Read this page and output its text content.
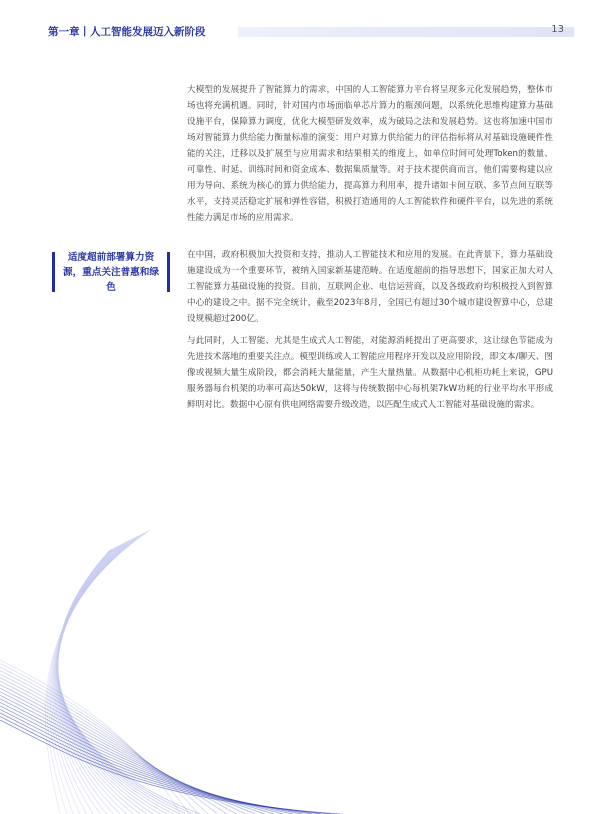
第一章丨人工智能发展迈入新阶段	13

大模型的发展提升了智能算力的需求，中国的人工智能算力平台将呈现多元化发展趋势，整体市场也将充满机遇。同时，针对国内市场面临单芯片算力的瓶颈问题，以系统化思维构建算力基础设施平台，保障算力调度，优化大模型研发效率，成为破局之法和发展趋势。这也将加速中国市场对智能算力供给能力衡量标准的演变：用户对算力供给能力的评估指标将从对基础设施硬件性能的关注，迁移以及扩展至与应用需求和结果相关的维度上，如单位时间可处理Token的数量、可靠性、时延、训练时间和资金成本、数据集质量等。对于技术提供商而言，他们需要构建以应用为导向、系统为核心的算力供给能力，提高算力利用率，提升诸如卡间互联、多节点间互联等水平，支持灵活稳定扩展和弹性容错，积极打造通用的人工智能软件和硬件平台，以先进的系统性能力满足市场的应用需求。

适度超前部署算力资源，重点关注普惠和绿色

在中国，政府积极加大投资和支持，推动人工智能技术和应用的发展。在此背景下，算力基础设施建设成为一个重要环节，被纳入国家新基建范畴。在适度超前的指导思想下，国家正加大对人工智能算力基础设施的投资。目前，互联网企业、电信运营商，以及各级政府均积极投入到智算中心的建设之中。据不完全统计，截至2023年8月，全国已有超过30个城市建设智算中心，总建设规模超过200亿。

与此同时，人工智能、尤其是生成式人工智能，对能源消耗提出了更高要求，这让绿色节能成为先进技术落地的重要关注点。模型训练或人工智能应用程序开发以及应用阶段，即文本/聊天、图像或视频大量生成阶段，都会消耗大量能量，产生大量热量。从数据中心机柜功耗上来说，GPU服务器每台机架的功率可高达50kW，这将与传统数据中心每机架7kW功耗的行业平均水平形成鲜明对比。数据中心原有供电网络需要升级改造，以匹配生成式人工智能对基础设施的需求。
